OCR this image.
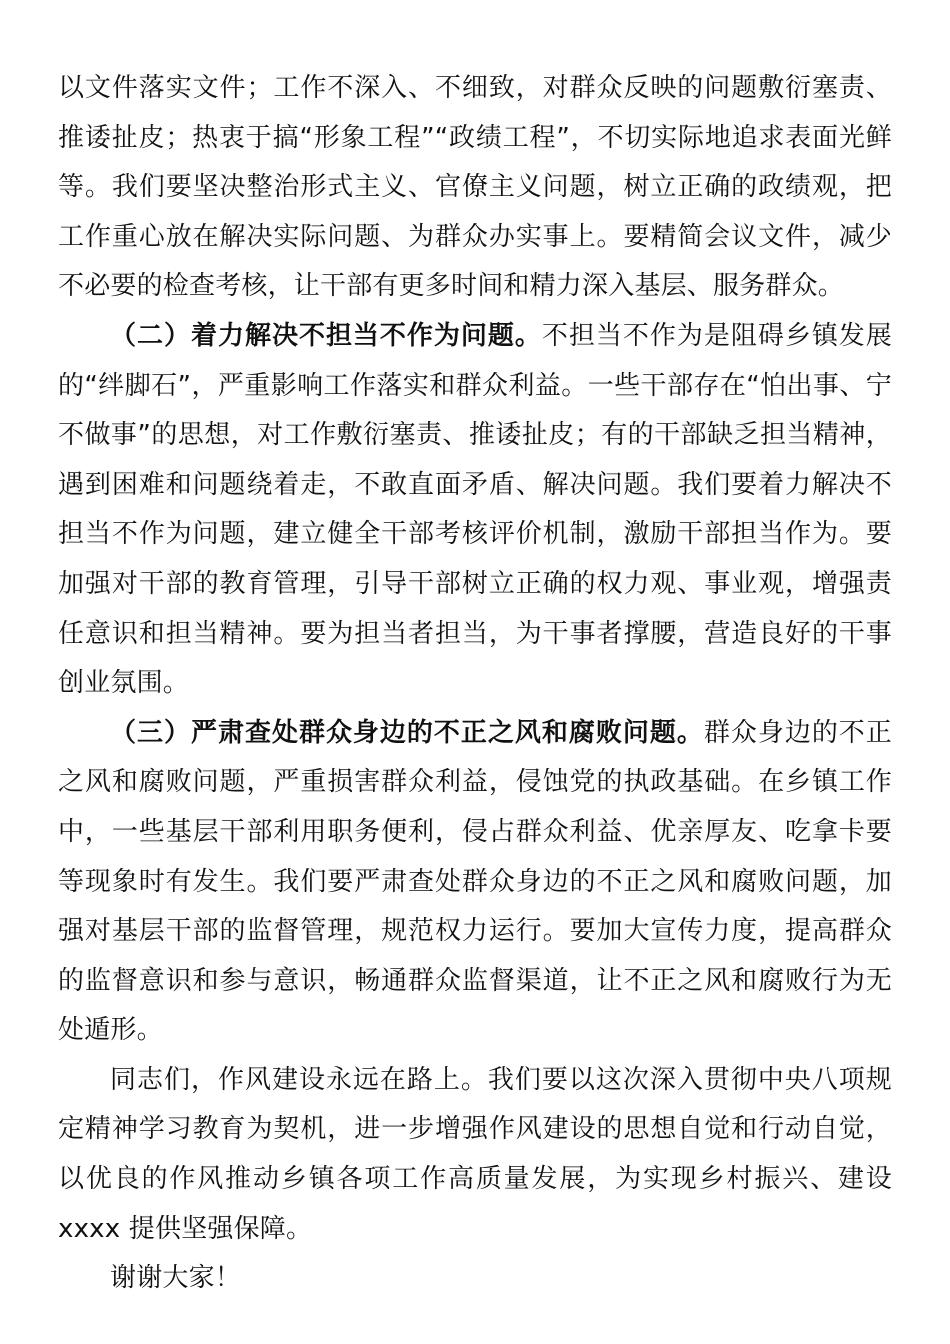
以文件落实文件；工作不深入、不细致，对群众反映的问题敷衍塞责、推诿扯皮；热衷于搞“形象工程”“政绩工程”，不切实际地追求表面光鲜等。我们要坚决整治形式主义、官僚主义问题，树立正确的政绩观，把工作重心放在解决实际问题、为群众办实事上。要精简会议文件，减少不必要的检查考核，让干部有更多时间和精力深入基层、服务群众。

（二）着力解决不担当不作为问题。不担当不作为是阻碍乡镇发展的“绊脚石”，严重影响工作落实和群众利益。一些干部存在“怕出事、宁不做事”的思想，对工作敷衍塞责、推诿扯皮；有的干部缺乏担当精神，遇到困难和问题绕着走，不敢直面矛盾、解决问题。我们要着力解决不担当不作为问题，建立健全干部考核评价机制，激励干部担当作为。要加强对干部的教育管理，引导干部树立正确的权力观、事业观，增强责任意识和担当精神。要为担当者担当，为干事者撑腰，营造良好的干事创业氛围。

（三）严肃查处群众身边的不正之风和腐败问题。群众身边的不正之风和腐败问题，严重损害群众利益，侵蚀党的执政基础。在乡镇工作中，一些基层干部利用职务便利，侵占群众利益、优亲厚友、吃拿卡要等现象时有发生。我们要严肃查处群众身边的不正之风和腐败问题，加强对基层干部的监督管理，规范权力运行。要加大宣传力度，提高群众的监督意识和参与意识，畅通群众监督渠道，让不正之风和腐败行为无处遁形。

同志们，作风建设永远在路上。我们要以这次深入贯彻中央八项规定精神学习教育为契机，进一步增强作风建设的思想自觉和行动自觉，以优良的作风推动乡镇各项工作高质量发展，为实现乡村振兴、建设 xxxx 提供坚强保障。

谢谢大家！
